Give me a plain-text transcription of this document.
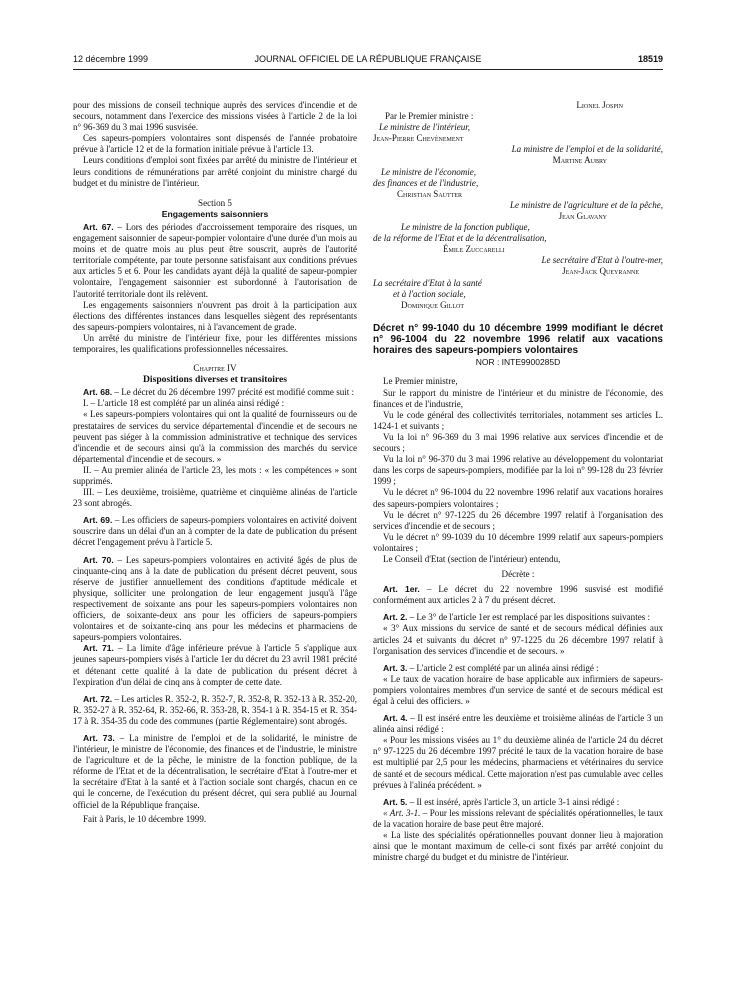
12 décembre 1999	JOURNAL OFFICIEL DE LA RÉPUBLIQUE FRANÇAISE	18519

pour des missions de conseil technique auprès des services d'incendie et de secours, notamment dans l'exercice des missions visées à l'article 2 de la loi n° 96-369 du 3 mai 1996 susvisée.

Ces sapeurs-pompiers volontaires sont dispensés de l'année probatoire prévue à l'article 12 et de la formation initiale prévue à l'article 13.

Leurs conditions d'emploi sont fixées par arrêté du ministre de l'intérieur et leurs conditions de rémunérations par arrêté conjoint du ministre chargé du budget et du ministre de l'intérieur.

Section 5

Engagements saisonniers

Art. 67. – Lors des périodes d'accroissement temporaire des risques, un engagement saisonnier de sapeur-pompier volontaire d'une durée d'un mois au moins et de quatre mois au plus peut être souscrit, auprès de l'autorité territoriale compétente, par toute personne satisfaisant aux conditions prévues aux articles 5 et 6. Pour les candidats ayant déjà la qualité de sapeur-pompier volontaire, l'engagement saisonnier est subordonné à l'autorisation de l'autorité territoriale dont ils relèvent.

Les engagements saisonniers n'ouvrent pas droit à la participation aux élections des différentes instances dans lesquelles siègent des représentants des sapeurs-pompiers volontaires, ni à l'avancement de grade.

Un arrêté du ministre de l'intérieur fixe, pour les différentes missions temporaires, les qualifications professionnelles nécessaires.

Chapitre IV

Dispositions diverses et transitoires

Art. 68. – Le décret du 26 décembre 1997 précité est modifié comme suit :

I. – L'article 18 est complété par un alinéa ainsi rédigé :

« Les sapeurs-pompiers volontaires qui ont la qualité de fournisseurs ou de prestataires de services du service départemental d'incendie et de secours ne peuvent pas siéger à la commission administrative et technique des services d'incendie et de secours ainsi qu'à la commission des marchés du service départemental d'incendie et de secours. »

II. – Au premier alinéa de l'article 23, les mots : « les compétences » sont supprimés.

III. – Les deuxième, troisième, quatrième et cinquième alinéas de l'article 23 sont abrogés.

Art. 69. – Les officiers de sapeurs-pompiers volontaires en activité doivent souscrire dans un délai d'un an à compter de la date de publication du présent décret l'engagement prévu à l'article 5.

Art. 70. – Les sapeurs-pompiers volontaires en activité âgés de plus de cinquante-cinq ans à la date de publication du présent décret peuvent, sous réserve de justifier annuellement des conditions d'aptitude médicale et physique, solliciter une prolongation de leur engagement jusqu'à l'âge respectivement de soixante ans pour les sapeurs-pompiers volontaires non officiers, de soixante-deux ans pour les officiers de sapeurs-pompiers volontaires et de soixante-cinq ans pour les médecins et pharmaciens de sapeurs-pompiers volontaires.

Art. 71. – La limite d'âge inférieure prévue à l'article 5 s'applique aux jeunes sapeurs-pompiers visés à l'article 1er du décret du 23 avril 1981 précité et détenant cette qualité à la date de publication du présent décret à l'expiration d'un délai de cinq ans à compter de cette date.

Art. 72. – Les articles R. 352-2, R. 352-7, R. 352-8, R. 352-13 à R. 352-20, R. 352-27 à R. 352-64, R. 352-66, R. 353-28, R. 354-1 à R. 354-15 et R. 354-17 à R. 354-35 du code des communes (partie Réglementaire) sont abrogés.

Art. 73. – La ministre de l'emploi et de la solidarité, le ministre de l'intérieur, le ministre de l'économie, des finances et de l'industrie, le ministre de l'agriculture et de la pêche, le ministre de la fonction publique, de la réforme de l'Etat et de la décentralisation, le secrétaire d'Etat à l'outre-mer et la secrétaire d'Etat à la santé et à l'action sociale sont chargés, chacun en ce qui le concerne, de l'exécution du présent décret, qui sera publié au Journal officiel de la République française.

Fait à Paris, le 10 décembre 1999.

Lionel Jospin

Par le Premier ministre :

Le ministre de l'intérieur,

Jean-Pierre Chevènement

La ministre de l'emploi et de la solidarité,

Martine Aubry

Le ministre de l'économie,

des finances et de l'industrie,

Christian Sautter

Le ministre de l'agriculture et de la pêche,

Jean Glavany

Le ministre de la fonction publique,

de la réforme de l'Etat et de la décentralisation,

Émile Zuccarelli

Le secrétaire d'Etat à l'outre-mer,

Jean-Jack Queyranne

La secrétaire d'Etat à la santé

et à l'action sociale,

Dominique Gillot

Décret n° 99-1040 du 10 décembre 1999 modifiant le décret n° 96-1004 du 22 novembre 1996 relatif aux vacations horaires des sapeurs-pompiers volontaires
NOR : INTE9900285D

Le Premier ministre,

Sur le rapport du ministre de l'intérieur et du ministre de l'économie, des finances et de l'industrie,

Vu le code général des collectivités territoriales, notamment ses articles L. 1424-1 et suivants ;

Vu la loi n° 96-369 du 3 mai 1996 relative aux services d'incendie et de secours ;

Vu la loi n° 96-370 du 3 mai 1996 relative au développement du volontariat dans les corps de sapeurs-pompiers, modifiée par la loi n° 99-128 du 23 février 1999 ;

Vu le décret n° 96-1004 du 22 novembre 1996 relatif aux vacations horaires des sapeurs-pompiers volontaires ;

Vu le décret n° 97-1225 du 26 décembre 1997 relatif à l'organisation des services d'incendie et de secours ;

Vu le décret n° 99-1039 du 10 décembre 1999 relatif aux sapeurs-pompiers volontaires ;

Le Conseil d'Etat (section de l'intérieur) entendu,

Décrète :

Art. 1er. – Le décret du 22 novembre 1996 susvisé est modifié conformément aux articles 2 à 7 du présent décret.

Art. 2. – Le 3° de l'article 1er est remplacé par les dispositions suivantes :

« 3° Aux missions du service de santé et de secours médical définies aux articles 24 et suivants du décret n° 97-1225 du 26 décembre 1997 relatif à l'organisation des services d'incendie et de secours. »

Art. 3. – L'article 2 est complété par un alinéa ainsi rédigé :

« Le taux de vacation horaire de base applicable aux infirmiers de sapeurs-pompiers volontaires membres d'un service de santé et de secours médical est égal à celui des officiers. »

Art. 4. – Il est inséré entre les deuxième et troisième alinéas de l'article 3 un alinéa ainsi rédigé :

« Pour les missions visées au 1° du deuxième alinéa de l'article 24 du décret n° 97-1225 du 26 décembre 1997 précité le taux de la vacation horaire de base est multiplié par 2,5 pour les médecins, pharmaciens et vétérinaires du service de santé et de secours médical. Cette majoration n'est pas cumulable avec celles prévues à l'alinéa précédent. »

Art. 5. – Il est inséré, après l'article 3, un article 3-1 ainsi rédigé :

« Art. 3-1. – Pour les missions relevant de spécialités opérationnelles, le taux de la vacation horaire de base peut être majoré.

« La liste des spécialités opérationnelles pouvant donner lieu à majoration ainsi que le montant maximum de celle-ci sont fixés par arrêté conjoint du ministre chargé du budget et du ministre de l'intérieur.
